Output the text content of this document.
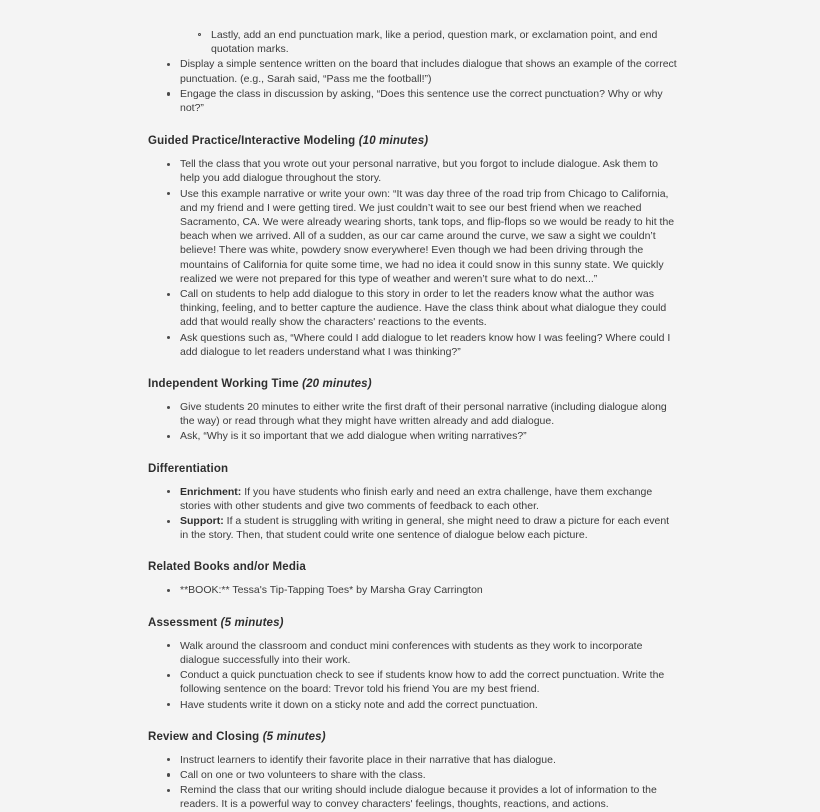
Lastly, add an end punctuation mark, like a period, question mark, or exclamation point, and end quotation marks.
Display a simple sentence written on the board that includes dialogue that shows an example of the correct punctuation. (e.g., Sarah said, “Pass me the football!”)
Engage the class in discussion by asking, “Does this sentence use the correct punctuation? Why or why not?”
Guided Practice/Interactive Modeling (10 minutes)
Tell the class that you wrote out your personal narrative, but you forgot to include dialogue. Ask them to help you add dialogue throughout the story.
Use this example narrative or write your own: “It was day three of the road trip from Chicago to California, and my friend and I were getting tired. We just couldn’t wait to see our best friend when we reached Sacramento, CA. We were already wearing shorts, tank tops, and flip-flops so we would be ready to hit the beach when we arrived. All of a sudden, as our car came around the curve, we saw a sight we couldn’t believe! There was white, powdery snow everywhere! Even though we had been driving through the mountains of California for quite some time, we had no idea it could snow in this sunny state. We quickly realized we were not prepared for this type of weather and weren’t sure what to do next...”
Call on students to help add dialogue to this story in order to let the readers know what the author was thinking, feeling, and to better capture the audience. Have the class think about what dialogue they could add that would really show the characters' reactions to the events.
Ask questions such as, “Where could I add dialogue to let readers know how I was feeling? Where could I add dialogue to let readers understand what I was thinking?”
Independent Working Time (20 minutes)
Give students 20 minutes to either write the first draft of their personal narrative (including dialogue along the way) or read through what they might have written already and add dialogue.
Ask, “Why is it so important that we add dialogue when writing narratives?”
Differentiation
Enrichment: If you have students who finish early and need an extra challenge, have them exchange stories with other students and give two comments of feedback to each other.
Support: If a student is struggling with writing in general, she might need to draw a picture for each event in the story. Then, that student could write one sentence of dialogue below each picture.
Related Books and/or Media
**BOOK:** Tessa's Tip-Tapping Toes* by Marsha Gray Carrington
Assessment (5 minutes)
Walk around the classroom and conduct mini conferences with students as they work to incorporate dialogue successfully into their work.
Conduct a quick punctuation check to see if students know how to add the correct punctuation. Write the following sentence on the board: Trevor told his friend You are my best friend.
Have students write it down on a sticky note and add the correct punctuation.
Review and Closing (5 minutes)
Instruct learners to identify their favorite place in their narrative that has dialogue.
Call on one or two volunteers to share with the class.
Remind the class that our writing should include dialogue because it provides a lot of information to the readers. It is a powerful way to convey characters' feelings, thoughts, reactions, and actions.
